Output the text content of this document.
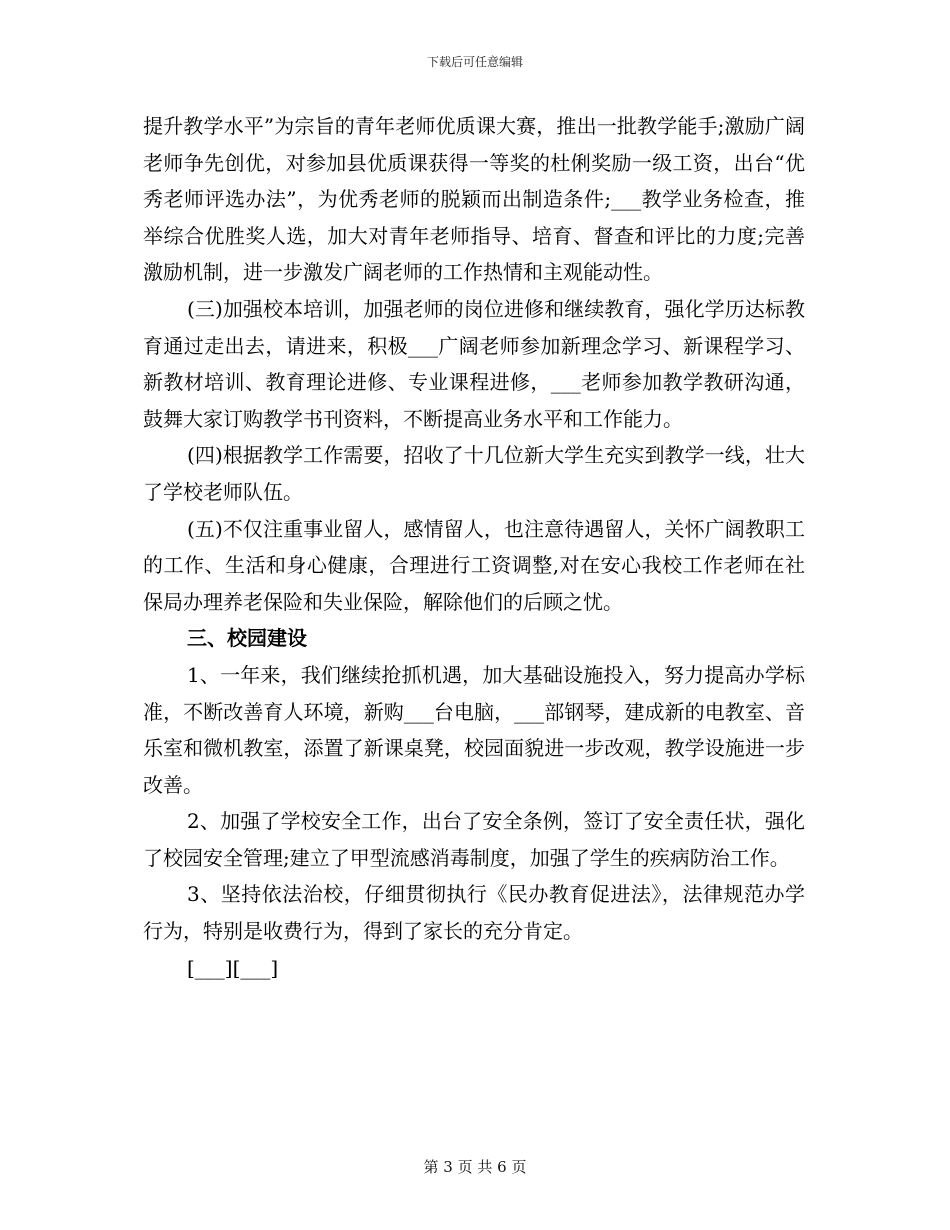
下载后可任意编辑

提升教学水平”为宗旨的青年老师优质课大赛，推出一批教学能手;激励广阔老师争先创优，对参加县优质课获得一等奖的杜俐奖励一级工资，出台“优秀老师评选办法”，为优秀老师的脱颖而出制造条件;___教学业务检查，推举综合优胜奖人选，加大对青年老师指导、培育、督查和评比的力度;完善激励机制，进一步激发广阔老师的工作热情和主观能动性。

(三)加强校本培训，加强老师的岗位进修和继续教育，强化学历达标教育通过走出去，请进来，积极___广阔老师参加新理念学习、新课程学习、新教材培训、教育理论进修、专业课程进修，___老师参加教学教研沟通，鼓舞大家订购教学书刊资料，不断提高业务水平和工作能力。

(四)根据教学工作需要，招收了十几位新大学生充实到教学一线，壮大了学校老师队伍。

(五)不仅注重事业留人，感情留人，也注意待遇留人，关怀广阔教职工的工作、生活和身心健康，合理进行工资调整,对在安心我校工作老师在社保局办理养老保险和失业保险，解除他们的后顾之忧。

三、校园建设

1、一年来，我们继续抢抓机遇，加大基础设施投入，努力提高办学标准，不断改善育人环境，新购___台电脑，___部钢琴，建成新的电教室、音乐室和微机教室，添置了新课桌凳，校园面貌进一步改观，教学设施进一步改善。

2、加强了学校安全工作，出台了安全条例，签订了安全责任状，强化了校园安全管理;建立了甲型流感消毒制度，加强了学生的疾病防治工作。

3、坚持依法治校，仔细贯彻执行《民办教育促进法》，法律规范办学行为，特别是收费行为，得到了家长的充分肯定。

[___][___]

第 3 页 共 6 页
